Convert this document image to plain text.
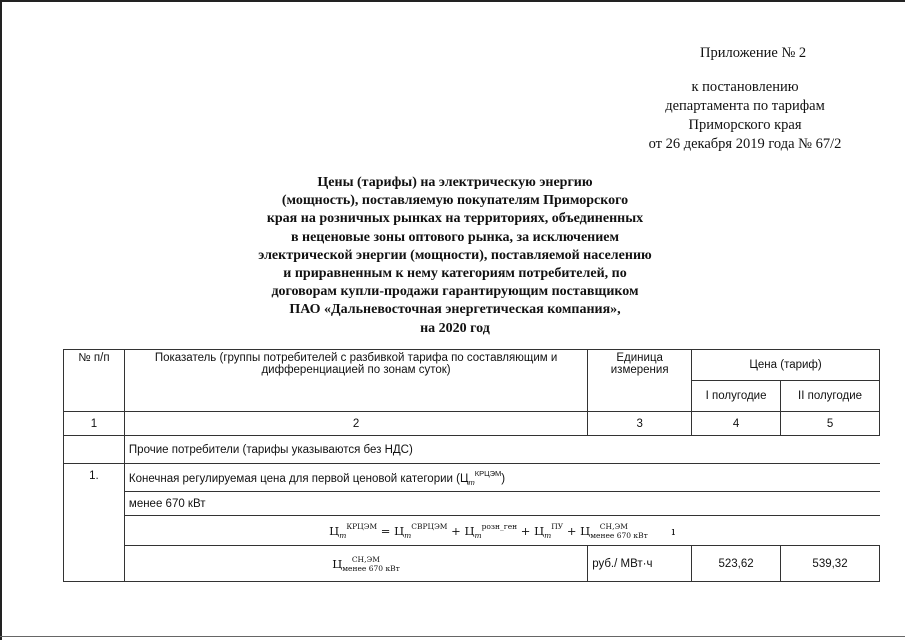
Приложение № 2
к постановлению
департамента по тарифам
Приморского края
от 26 декабря 2019 года № 67/2
Цены (тарифы) на электрическую энергию
(мощность), поставляемую покупателям Приморского
края на розничных рынках на территориях, объединенных
в неценовые зоны оптового рынка, за исключением
электрической энергии (мощности), поставляемой населению
и приравненным к нему категориям потребителей, по
договорам купли-продажи гарантирующим поставщиком
ПАО «Дальневосточная энергетическая компания»,
на 2020 год
№ п/п	Показатель (группы потребителей с разбивкой тарифа по составляющим и дифференциацией по зонам суток)	Единица измерения	Цена (тариф)	
			I полугодие	II полугодие
1	2	3	4	5
	Прочие потребители (тарифы указываются без НДС)			
1.	Конечная регулируемая цена для первой ценовой категории $(Ц_m^{КРЦЭМ})$			
	менее 670 кВт			
	$Ц_m^{КРЦЭМ} = Ц_m^{СВРЦЭМ} + Ц_m^{розн\_ген} + Ц_m^{ПУ} + Ц_{менее 670 кВт}^{СН,ЭМ}$ ı			
	$Ц_{менее 670 кВт}^{СН,ЭМ}$	руб./ МВт·ч	523,62	539,32
